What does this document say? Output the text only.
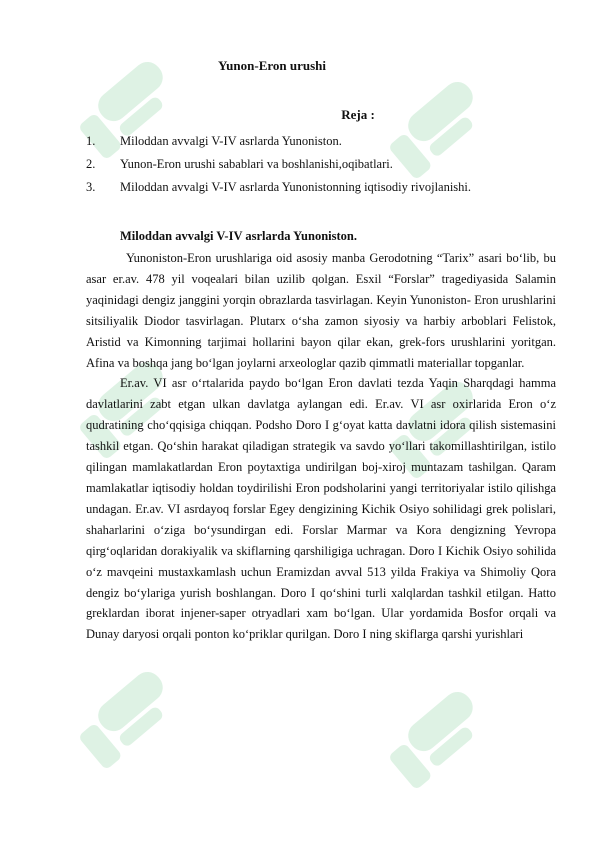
Yunon-Eron urushi
Reja :
1.	Miloddan avvalgi V-IV asrlarda Yunoniston.
2.	Yunon-Eron urushi sabablari va boshlanishi,oqibatlari.
3.	Miloddan avvalgi V-IV asrlarda Yunonistonning iqtisodiy rivojlanishi.
Miloddan avvalgi V-IV asrlarda Yunoniston.

Yunoniston-Eron urushlariga oid asosiy manba Gerodotning “Tarix” asari bo‘lib, bu asar er.av. 478 yil voqealari bilan uzilib qolgan. Esxil “Forslar” tragediyasida Salamin yaqinidagi dengiz janggini yorqin obrazlarda tasvirlagan. Keyin Yunoniston- Eron urushlarini sitsiliyalik Diodor tasvirlagan. Plutarx o‘sha zamon siyosiy va harbiy arboblari Felistok, Aristid va Kimonning tarjimai hollarini bayon qilar ekan, grek-fors urushlarini yoritgan. Afina va boshqa jang bo‘lgan joylarni arxeologlar qazib qimmatli materiallar topganlar.

Er.av. VI asr o‘rtalarida paydo bo‘lgan Eron davlati tezda Yaqin Sharqdagi hamma davlatlarini zabt etgan ulkan davlatga aylangan edi. Er.av. VI asr oxirlarida Eron o‘z qudratining cho‘qqisiga chiqqan. Podsho Doro I g‘oyat katta davlatni idora qilish sistemasini tashkil etgan. Qo‘shin harakat qiladigan strategik va savdo yo‘llari takomillashtirilgan, istilo qilingan mamlakatlardan Eron poytaxtiga undirilgan boj-xiroj muntazam tashilgan. Qaram mamlakatlar iqtisodiy holdan toydirilishi Eron podsholarini yangi territoriyalar istilo qilishga undagan. Er.av. VI asrdayoq forslar Egey dengizining Kichik Osiyo sohilidagi grek polislari, shaharlarini o‘ziga bo‘ysundirgan edi. Forslar Marmar va Kora dengizning Yevropa qirg‘oqlaridan dorakiyalik va skiflarning qarshiligiga uchragan. Doro I Kichik Osiyo sohilida o‘z mavqeini mustaxkamlash uchun Eramizdan avval 513 yilda Frakiya va Shimoliy Qora dengiz bo‘ylariga yurish boshlangan. Doro I qo‘shini turli xalqlardan tashkil etilgan. Hatto greklardan iborat injener-saper otryadlari xam bo‘lgan. Ular yordamida Bosfor orqali va Dunay daryosi orqali ponton ko‘priklar qurilgan. Doro I ning skiflarga qarshi yurishlari
